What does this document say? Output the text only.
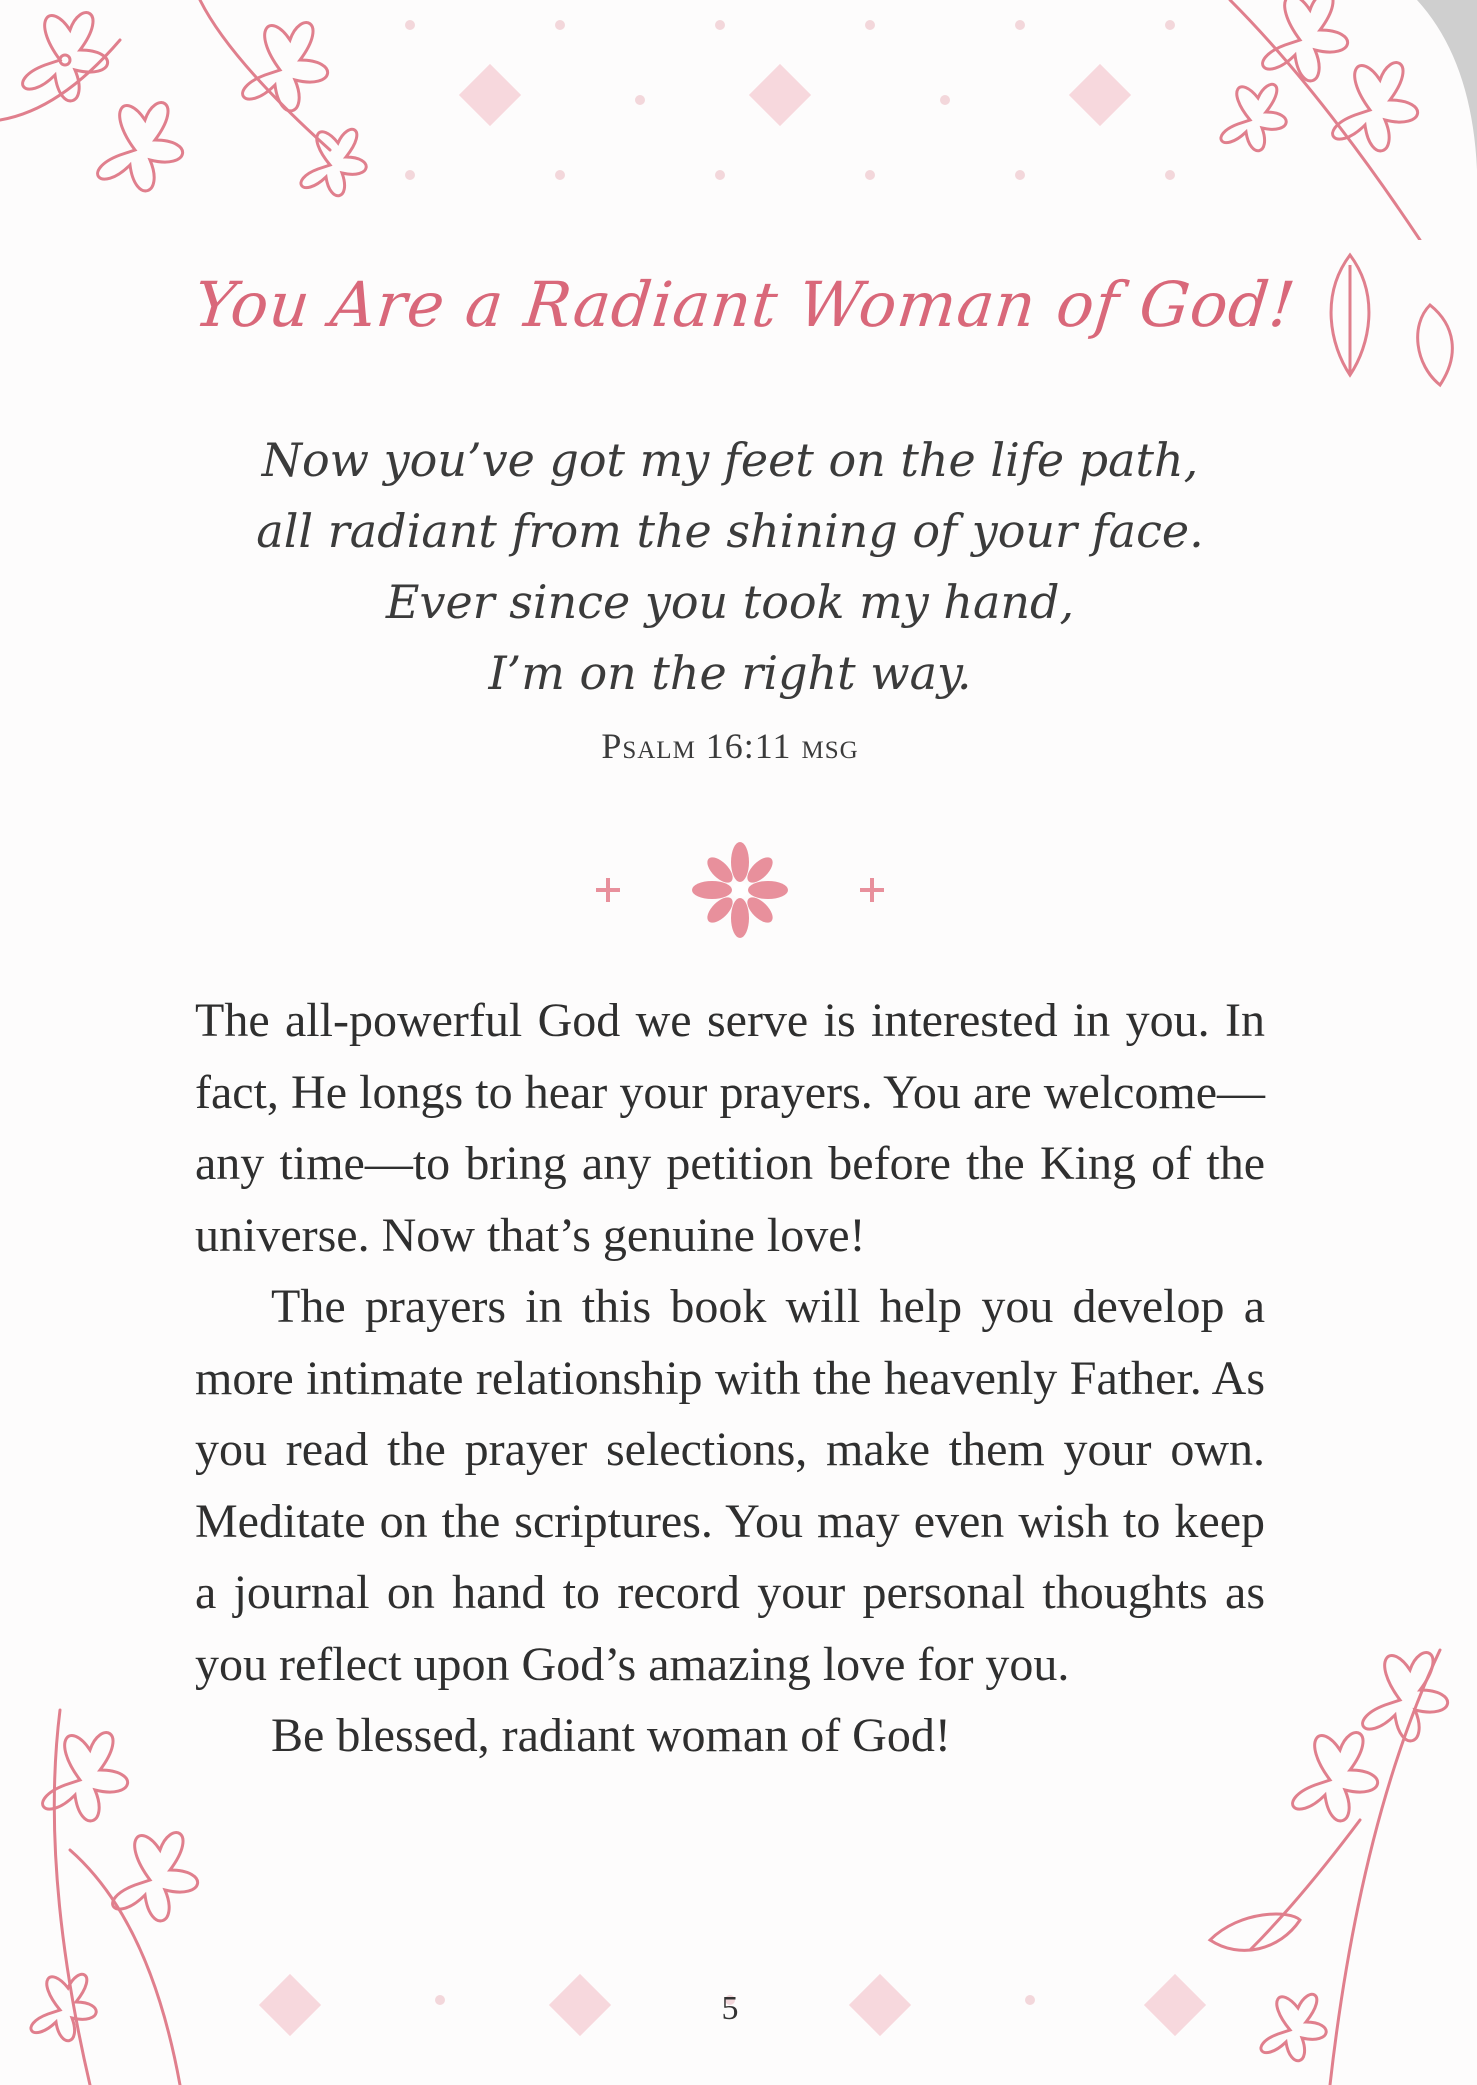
You Are a Radiant Woman of God!
Now you’ve got my feet on the life path,
all radiant from the shining of your face.
Ever since you took my hand,
I’m on the right way.
Psalm 16:11 msg

The all-powerful God we serve is interested in you. In fact, He longs to hear your prayers. You are welcome—any time—to bring any petition before the King of the universe. Now that’s genuine love!

The prayers in this book will help you develop a more intimate relationship with the heavenly Father. As you read the prayer selections, make them your own. Meditate on the scriptures. You may even wish to keep a journal on hand to record your personal thoughts as you reflect upon God’s amazing love for you.

Be blessed, radiant woman of God!

5
